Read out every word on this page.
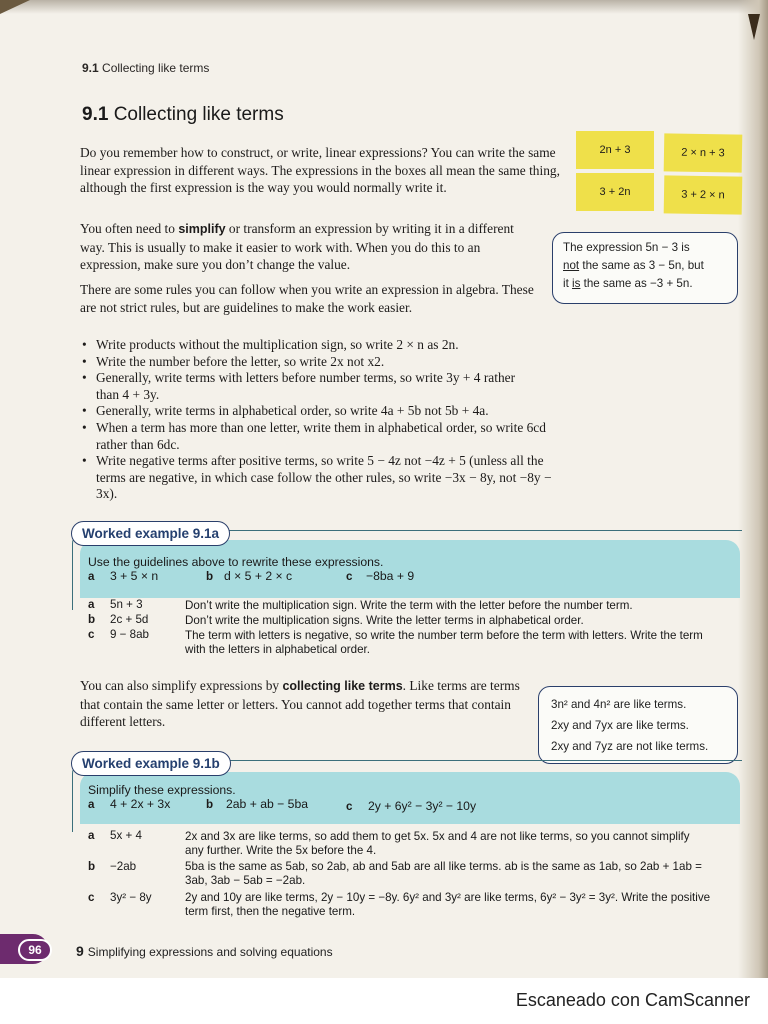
9.1 Collecting like terms
9.1 Collecting like terms
Do you remember how to construct, or write, linear expressions? You can write the same linear expression in different ways. The expressions in the boxes all mean the same thing, although the first expression is the way you would normally write it.
You often need to simplify or transform an expression by writing it in a different way. This is usually to make it easier to work with. When you do this to an expression, make sure you don’t change the value.
There are some rules you can follow when you write an expression in algebra. These are not strict rules, but are guidelines to make the work easier.
• Write products without the multiplication sign, so write 2 × n as 2n.
• Write the number before the letter, so write 2x not x2.
• Generally, write terms with letters before number terms, so write 3y + 4 rather than 4 + 3y.
• Generally, write terms in alphabetical order, so write 4a + 5b not 5b + 4a.
• When a term has more than one letter, write them in alphabetical order, so write 6cd rather than 6dc.
• Write negative terms after positive terms, so write 5 − 4z not −4z + 5 (unless all the terms are negative, in which case follow the other rules, so write −3x − 8y, not −8y − 3x).
2n + 3	2 × n + 3
3 + 2n	3 + 2 × n
The expression 5n − 3 is
not the same as 3 − 5n, but
it is the same as −3 + 5n.
Worked example 9.1a
Use the guidelines above to rewrite these expressions.
a 3 + 5 × n	b d × 5 + 2 × c	c −8ba + 9
a 5n + 3	Don’t write the multiplication sign. Write the term with the letter before the number term.
b 2c + 5d	Don’t write the multiplication signs. Write the letter terms in alphabetical order.
c 9 − 8ab	The term with letters is negative, so write the number term before the term with letters. Write the term with the letters in alphabetical order.
You can also simplify expressions by collecting like terms. Like terms are terms that contain the same letter or letters. You cannot add together terms that contain different letters.
3n² and 4n² are like terms.
2xy and 7yx are like terms.
2xy and 7yz are not like terms.
Worked example 9.1b
Simplify these expressions.
a 4 + 2x + 3x	b 2ab + ab − 5ba	c 2y + 6y² − 3y² − 10y
a 5x + 4	2x and 3x are like terms, so add them to get 5x. 5x and 4 are not like terms, so you cannot simplify any further. Write the 5x before the 4.
b −2ab	5ba is the same as 5ab, so 2ab, ab and 5ab are all like terms. ab is the same as 1ab, so 2ab + 1ab = 3ab, 3ab − 5ab = −2ab.
c 3y² − 8y	2y and 10y are like terms, 2y − 10y = −8y. 6y² and 3y² are like terms, 6y² − 3y² = 3y². Write the positive term first, then the negative term.
96	9 Simplifying expressions and solving equations
Escaneado con CamScanner
